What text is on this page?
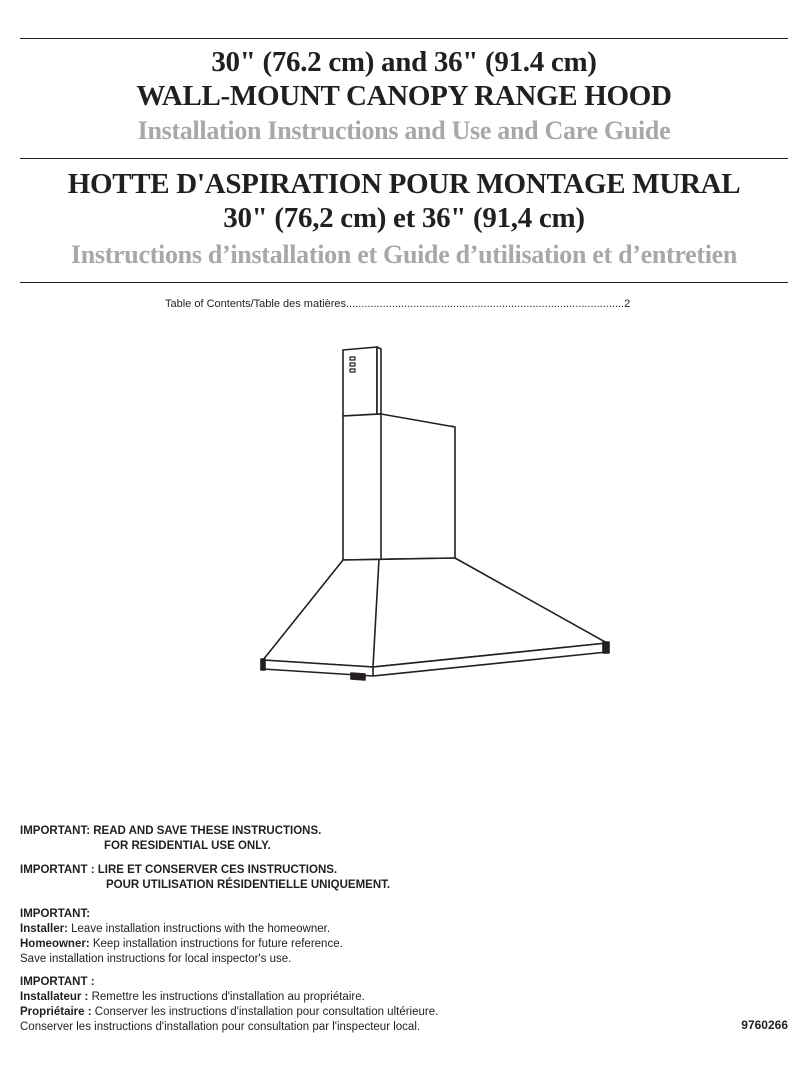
30" (76.2 cm) and 36" (91.4 cm)
WALL-MOUNT CANOPY RANGE HOOD
Installation Instructions and Use and Care Guide
HOTTE D'ASPIRATION POUR MONTAGE MURAL
30" (76,2 cm) et 36" (91,4 cm)
Instructions d’installation et Guide d’utilisation et d’entretien
Table of Contents/Table des matières...........................................................................................2
IMPORTANT: READ AND SAVE THESE INSTRUCTIONS.
FOR RESIDENTIAL USE ONLY.
IMPORTANT : LIRE ET CONSERVER CES INSTRUCTIONS.
POUR UTILISATION RÉSIDENTIELLE UNIQUEMENT.
IMPORTANT:
Installer: Leave installation instructions with the homeowner.
Homeowner: Keep installation instructions for future reference.
Save installation instructions for local inspector's use.
IMPORTANT :
Installateur : Remettre les instructions d'installation au propriétaire.
Propriétaire : Conserver les instructions d'installation pour consultation ultérieure.
Conserver les instructions d'installation pour consultation par l'inspecteur local.	9760266
